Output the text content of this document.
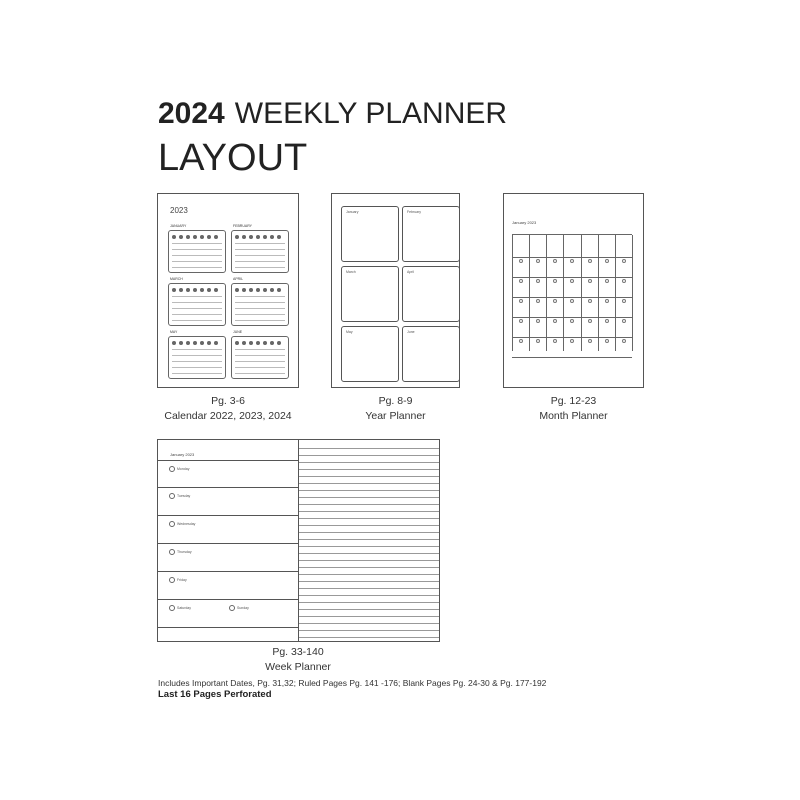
2024 WEEKLY PLANNER
LAYOUT
2023
JANUARY	FEBRUARY
MARCH	APRIL
MAY	JUNE
Pg. 3-6
Calendar 2022, 2023, 2024
January	February
March	April
May	June
Pg. 8-9
Year Planner
January 2023
Pg. 12-23
Month Planner
January 2023
Monday
Tuesday
Wednesday
Thursday
Friday
Saturday	Sunday
Pg. 33-140
Week Planner
Includes Important Dates, Pg. 31,32; Ruled Pages Pg. 141 -176; Blank Pages Pg. 24-30 & Pg. 177-192
Last 16 Pages Perforated
